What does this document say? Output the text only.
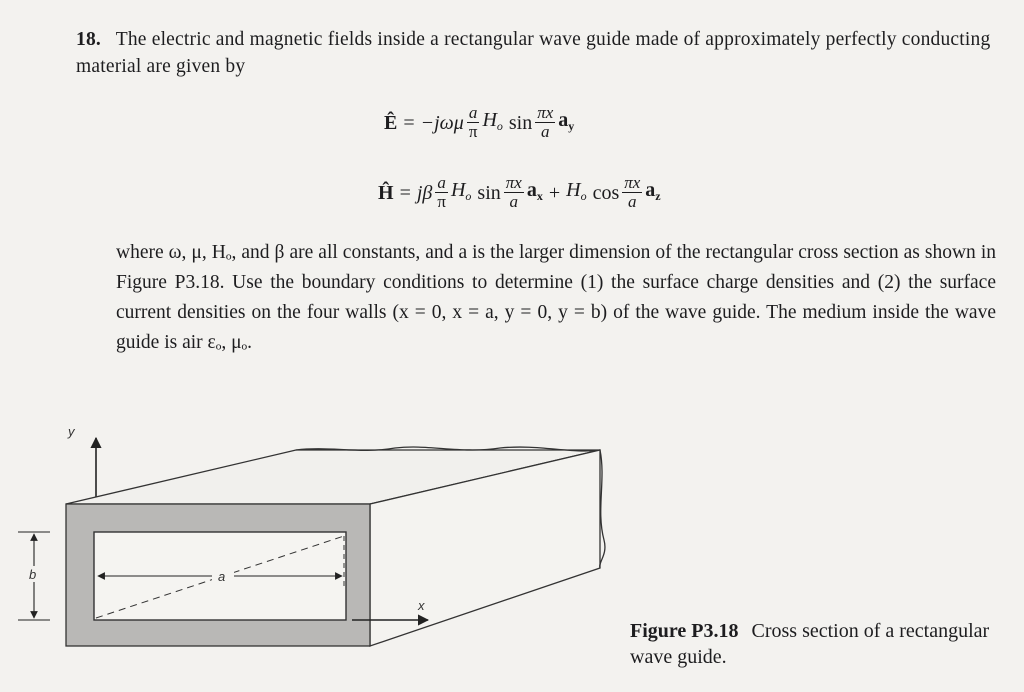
18. The electric and magnetic fields inside a rectangular wave guide made of approximately perfectly conducting material are given by
Ê = $-j\omega\mu \frac{a}{\pi} H_o$ $\sin \frac{\pi x}{a} a_y$
Ĥ = jβ $\frac{a}{\pi} H_o$ $\sin \frac{\pi x}{a} a_x + H_o$ $\cos \frac{\pi x}{a} a_z$
where ω, μ, Hₒ, and β are all constants, and a is the larger dimension of the rectangular cross section as shown in Figure P3.18. Use the boundary conditions to determine (1) the surface charge densities and (2) the surface current densities on the four walls (x = 0, x = a, y = 0, y = b) of the wave guide. The medium inside the wave guide is air εₒ, μₒ.
y
a
b
x
Figure P3.18 Cross section of a rectangular wave guide.
